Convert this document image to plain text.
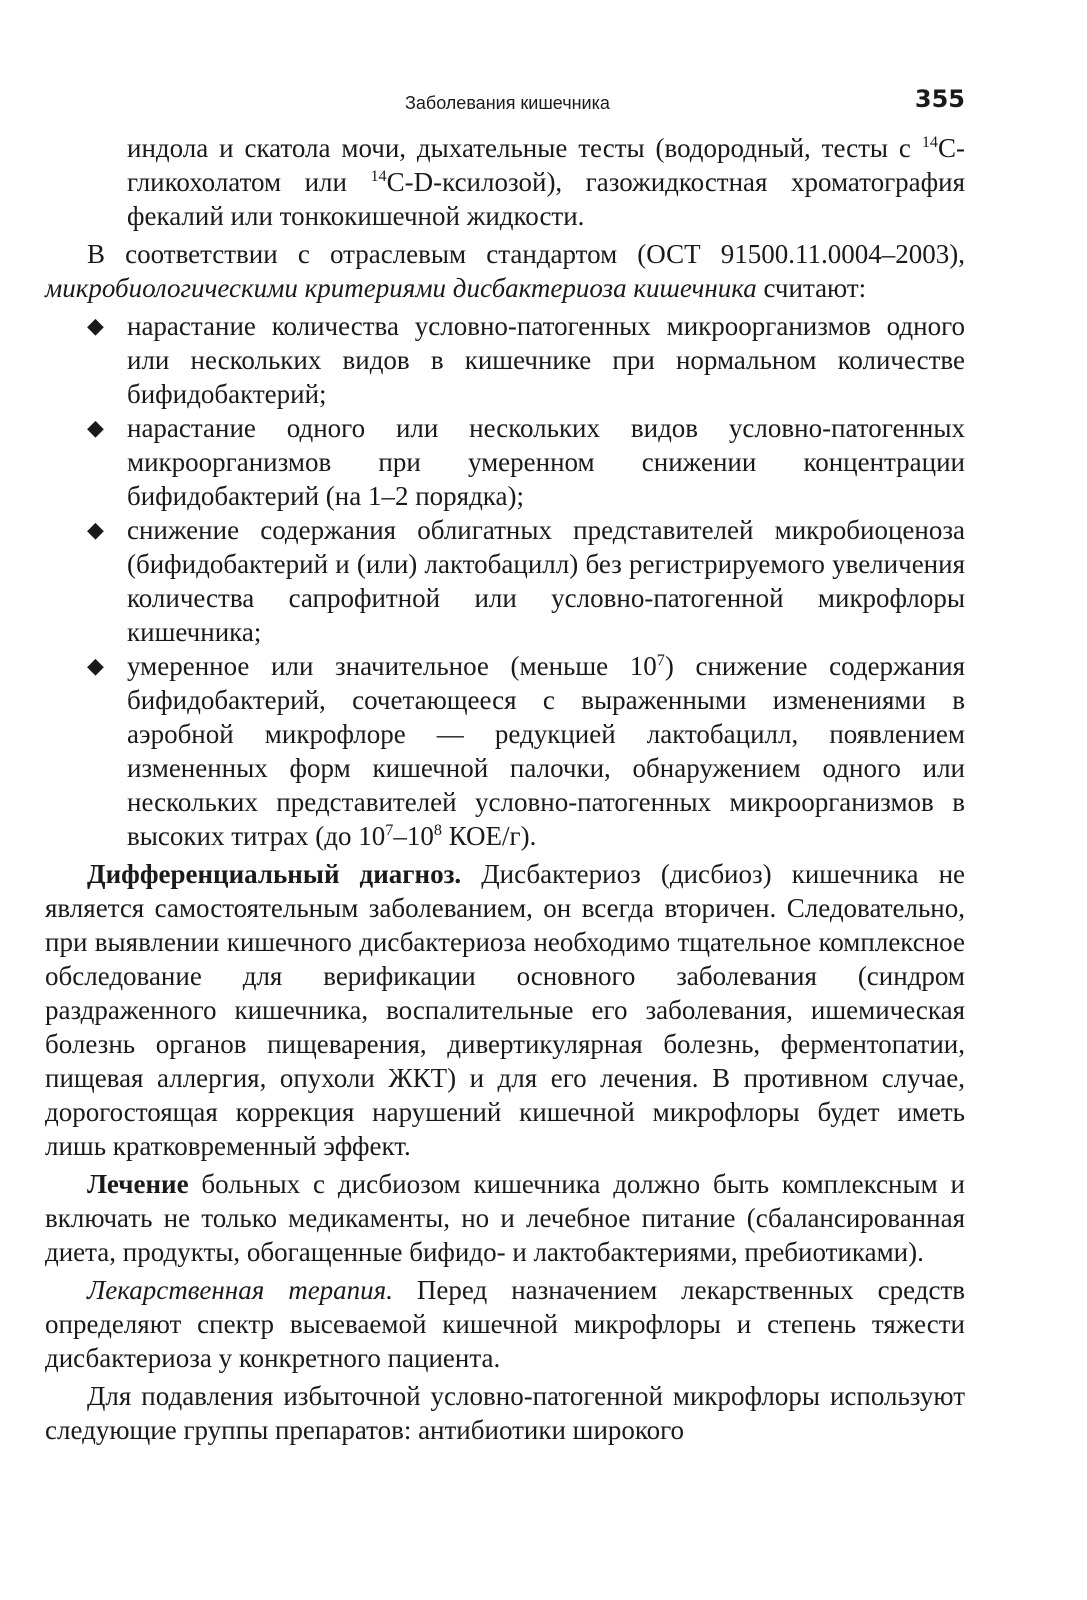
Заболевания кишечника	355

индола и скатола мочи, дыхательные тесты (водородный, тесты с $^{14}$C-гликохолатом или $^{14}$C-D-ксилозой), газожидкостная хроматография фекалий или тонкокишечной жидкости.

В соответствии с отраслевым стандартом (ОСТ 91500.11.0004–2003), микробиологическими критериями дисбактериоза кишечника считают:

◆ нарастание количества условно-патогенных микроорганизмов одного или нескольких видов в кишечнике при нормальном количестве бифидобактерий;
◆ нарастание одного или нескольких видов условно-патогенных микроорганизмов при умеренном снижении концентрации бифидобактерий (на 1–2 порядка);
◆ снижение содержания облигатных представителей микробиоценоза (бифидобактерий и (или) лактобацилл) без регистрируемого увеличения количества сапрофитной или условно-патогенной микрофлоры кишечника;
◆ умеренное или значительное (меньше $10^7$) снижение содержания бифидобактерий, сочетающееся с выраженными изменениями в аэробной микрофлоре — редукцией лактобацилл, появлением измененных форм кишечной палочки, обнаружением одного или нескольких представителей условно-патогенных микроорганизмов в высоких титрах (до $10^7-10^8$ КОЕ/г).

Дифференциальный диагноз. Дисбактериоз (дисбиоз) кишечника не является самостоятельным заболеванием, он всегда вторичен. Следовательно, при выявлении кишечного дисбактериоза необходимо тщательное комплексное обследование для верификации основного заболевания (синдром раздраженного кишечника, воспалительные его заболевания, ишемическая болезнь органов пищеварения, дивертикулярная болезнь, ферментопатии, пищевая аллергия, опухоли ЖКТ) и для его лечения. В противном случае, дорогостоящая коррекция нарушений кишечной микрофлоры будет иметь лишь кратковременный эффект.

Лечение больных с дисбиозом кишечника должно быть комплексным и включать не только медикаменты, но и лечебное питание (сбалансированная диета, продукты, обогащенные бифидо- и лактобактериями, пребиотиками).

Лекарственная терапия. Перед назначением лекарственных средств определяют спектр высеваемой кишечной микрофлоры и степень тяжести дисбактериоза у конкретного пациента.

Для подавления избыточной условно-патогенной микрофлоры используют следующие группы препаратов: антибиотики широкого
